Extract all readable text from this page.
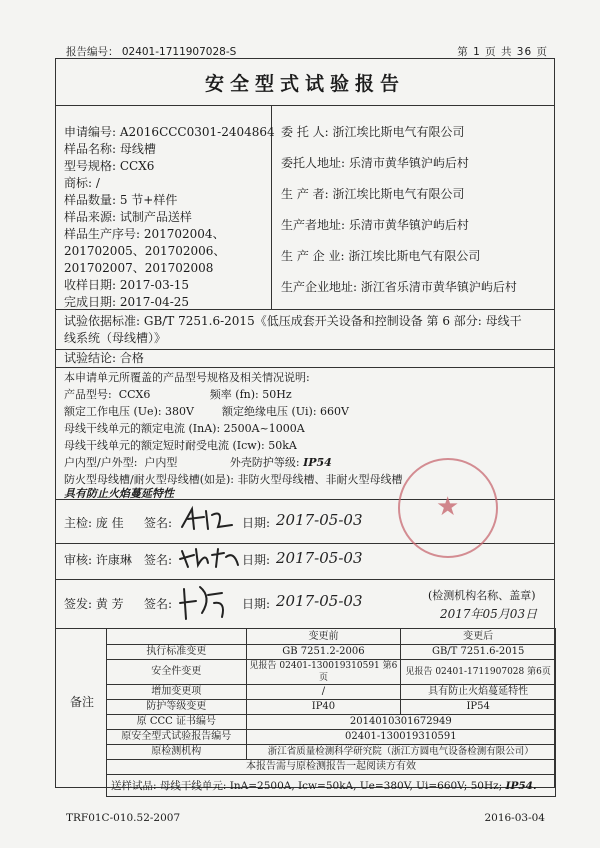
报告编号： 02401-1711907028-S	第 1 页 共 36 页
安全型式试验报告
申请编号: A2016CCC0301-2404864
样品名称: 母线槽
型号规格: CCX6
商标: /
样品数量: 5 节+样件
样品来源: 试制产品送样
样品生产序号: 201702004、
201702005、201702006、
201702007、201702008
收样日期: 2017-03-15
完成日期: 2017-04-25
委 托 人: 浙江埃比斯电气有限公司
委托人地址: 乐清市黄华镇沪屿后村
生 产 者: 浙江埃比斯电气有限公司
生产者地址: 乐清市黄华镇沪屿后村
生 产 企 业: 浙江埃比斯电气有限公司
生产企业地址: 浙江省乐清市黄华镇沪屿后村
试验依据标准: GB/T 7251.6-2015《低压成套开关设备和控制设备 第 6 部分: 母线干
线系统（母线槽）》
试验结论: 合格
本申请单元所覆盖的产品型号规格及相关情况说明:
产品型号:  CCX6                 频率 (fn): 50Hz
额定工作电压 (Ue): 380V        额定绝缘电压 (Ui): 660V
母线干线单元的额定电流 (InA): 2500A~1000A
母线干线单元的额定短时耐受电流 (Icw): 50kA
户内型/户外型:  户内型               外壳防护等级: IP54
防火型母线槽/耐火型母线槽(如是): 非防火型母线槽、非耐火型母线槽
具有防止火焰蔓延特性
主检: 庞 佳 签名:	日期: 2017-05-03
审核: 许康琳 签名:	日期: 2017-05-03
签发: 黄 芳 签名:	日期: 2017-05-03	(检测机构名称、盖章)
2017年05月03日
备注
	变更前	变更后
执行标准变更	GB 7251.2-2006	GB/T 7251.6-2015
安全件变更	见报告 02401-130019310591 第6页	见报告 02401-1711907028 第6页
增加变更项	/	具有防止火焰蔓延特性
防护等级变更	IP40	IP54
原 CCC 证书编号	2014010301672949	
原安全型式试验报告编号	02401-130019310591	
原检测机构	浙江省质量检测科学研究院（浙江方圆电气设备检测有限公司）	
本报告需与原检测报告一起阅读方有效		
送样试品: 母线干线单元: InA=2500A, Icw=50kA, Ue=380V, Ui=660V; 50Hz; IP54.		
★
TRF01C-010.52-2007	2016-03-04
